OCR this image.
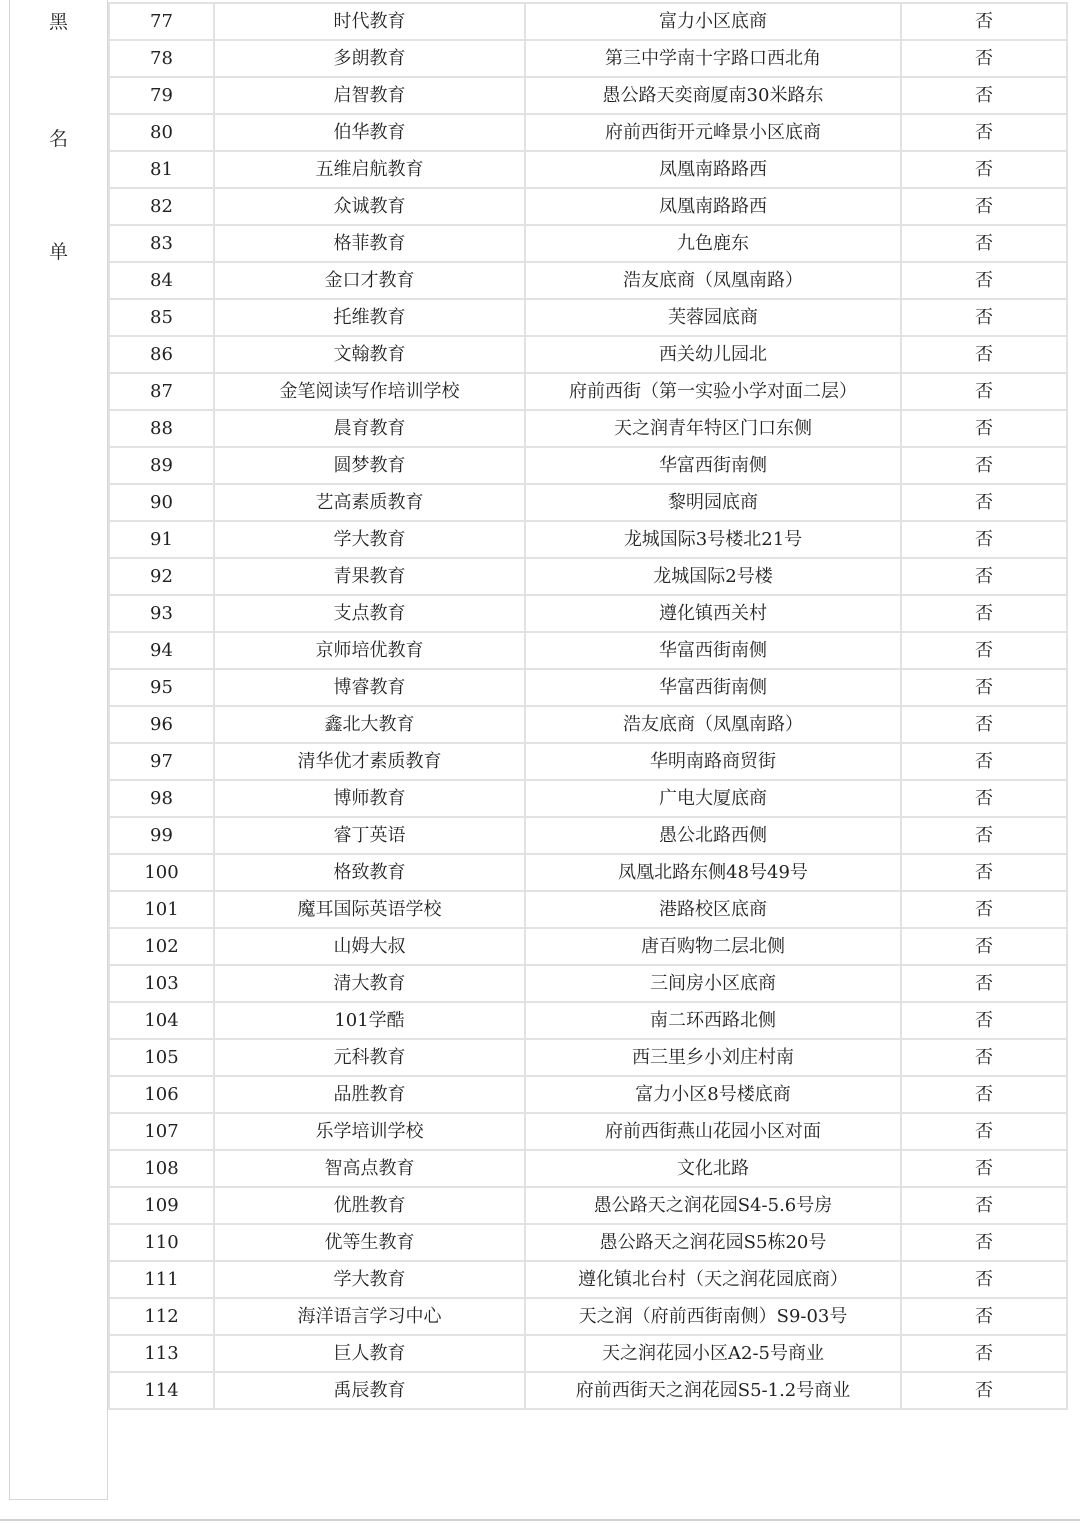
黑
名
单
77	时代教育	富力小区底商	否
78	多朗教育	第三中学南十字路口西北角	否
79	启智教育	愚公路天奕商厦南30米路东	否
80	伯华教育	府前西街开元峰景小区底商	否
81	五维启航教育	凤凰南路路西	否
82	众诚教育	凤凰南路路西	否
83	格菲教育	九色鹿东	否
84	金口才教育	浩友底商（凤凰南路）	否
85	托维教育	芙蓉园底商	否
86	文翰教育	西关幼儿园北	否
87	金笔阅读写作培训学校	府前西街（第一实验小学对面二层）	否
88	晨育教育	天之润青年特区门口东侧	否
89	圆梦教育	华富西街南侧	否
90	艺高素质教育	黎明园底商	否
91	学大教育	龙城国际3号楼北21号	否
92	青果教育	龙城国际2号楼	否
93	支点教育	遵化镇西关村	否
94	京师培优教育	华富西街南侧	否
95	博睿教育	华富西街南侧	否
96	鑫北大教育	浩友底商（凤凰南路）	否
97	清华优才素质教育	华明南路商贸街	否
98	博师教育	广电大厦底商	否
99	睿丁英语	愚公北路西侧	否
100	格致教育	凤凰北路东侧48号49号	否
101	魔耳国际英语学校	港路校区底商	否
102	山姆大叔	唐百购物二层北侧	否
103	清大教育	三间房小区底商	否
104	101学酷	南二环西路北侧	否
105	元科教育	西三里乡小刘庄村南	否
106	品胜教育	富力小区8号楼底商	否
107	乐学培训学校	府前西街燕山花园小区对面	否
108	智高点教育	文化北路	否
109	优胜教育	愚公路天之润花园S4-5.6号房	否
110	优等生教育	愚公路天之润花园S5栋20号	否
111	学大教育	遵化镇北台村（天之润花园底商）	否
112	海洋语言学习中心	天之润（府前西街南侧）S9-03号	否
113	巨人教育	天之润花园小区A2-5号商业	否
114	禹辰教育	府前西街天之润花园S5-1.2号商业	否
